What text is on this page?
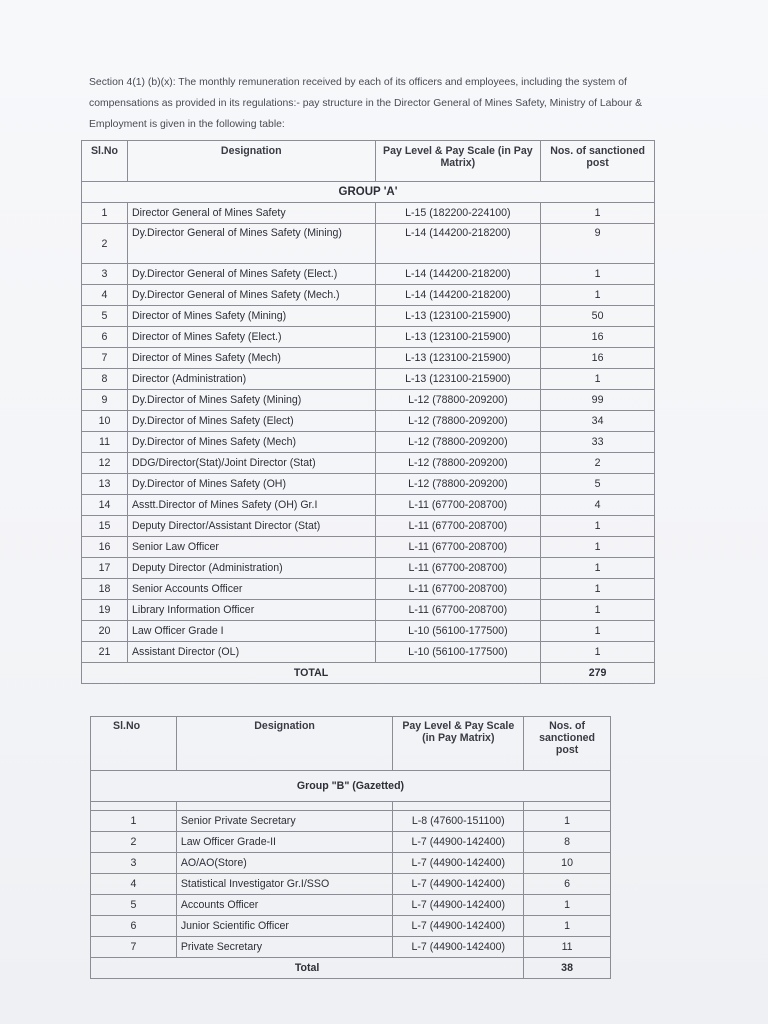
Section 4(1) (b)(x): The monthly remuneration received by each of its officers and employees, including the system of compensations as provided in its regulations:- pay structure in the Director General of Mines Safety, Ministry of Labour & Employment is given in the following table:
Sl.No	Designation	Pay Level & Pay Scale (in Pay Matrix)	Nos. of sanctioned post
GROUP 'A'			
1	Director General of Mines Safety	L-15 (182200-224100)	1
2	Dy.Director General of Mines Safety (Mining)	L-14 (144200-218200)	9
3	Dy.Director General of Mines Safety (Elect.)	L-14 (144200-218200)	1
4	Dy.Director General of Mines Safety (Mech.)	L-14 (144200-218200)	1
5	Director of Mines Safety (Mining)	L-13 (123100-215900)	50
6	Director of Mines Safety (Elect.)	L-13 (123100-215900)	16
7	Director of Mines Safety (Mech)	L-13 (123100-215900)	16
8	Director (Administration)	L-13 (123100-215900)	1
9	Dy.Director of Mines Safety (Mining)	L-12 (78800-209200)	99
10	Dy.Director of Mines Safety (Elect)	L-12 (78800-209200)	34
11	Dy.Director of Mines Safety (Mech)	L-12 (78800-209200)	33
12	DDG/Director(Stat)/Joint Director (Stat)	L-12 (78800-209200)	2
13	Dy.Director of Mines Safety (OH)	L-12 (78800-209200)	5
14	Asstt.Director of Mines Safety (OH) Gr.I	L-11 (67700-208700)	4
15	Deputy Director/Assistant Director (Stat)	L-11 (67700-208700)	1
16	Senior Law Officer	L-11 (67700-208700)	1
17	Deputy Director (Administration)	L-11 (67700-208700)	1
18	Senior Accounts Officer	L-11 (67700-208700)	1
19	Library Information Officer	L-11 (67700-208700)	1
20	Law Officer Grade I	L-10 (56100-177500)	1
21	Assistant Director (OL)	L-10 (56100-177500)	1
TOTAL			279
Sl.No	Designation	Pay Level & Pay Scale (in Pay Matrix)	Nos. of sanctioned post
Group "B" (Gazetted)			

1	Senior Private Secretary	L-8 (47600-151100)	1
2	Law Officer Grade-II	L-7 (44900-142400)	8
3	AO/AO(Store)	L-7 (44900-142400)	10
4	Statistical Investigator Gr.I/SSO	L-7 (44900-142400)	6
5	Accounts Officer	L-7 (44900-142400)	1
6	Junior Scientific Officer	L-7 (44900-142400)	1
7	Private Secretary	L-7 (44900-142400)	11
Total			38
